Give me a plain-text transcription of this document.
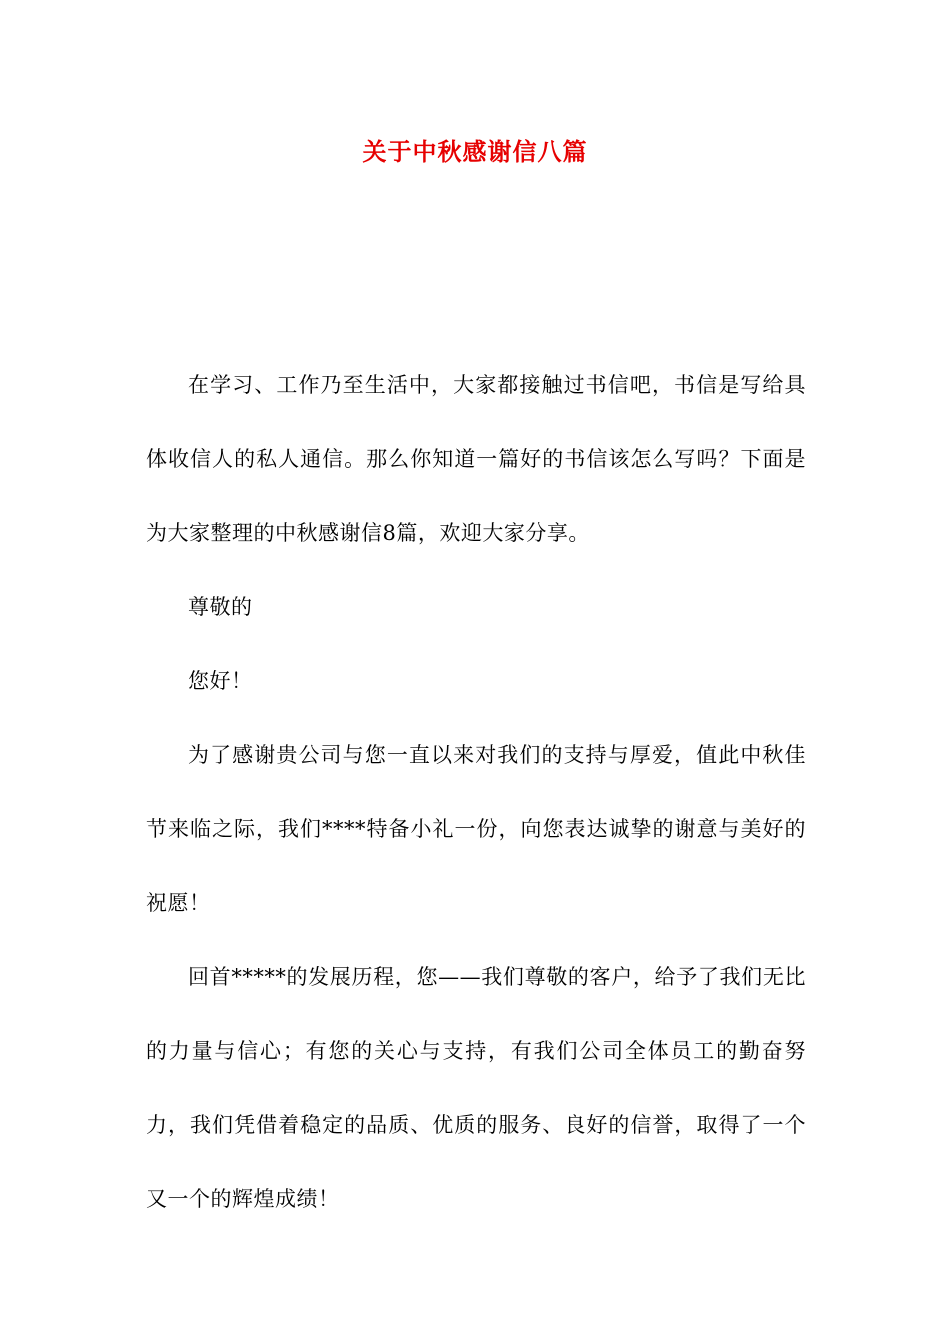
关于中秋感谢信八篇

在学习、工作乃至生活中，大家都接触过书信吧，书信是写给具体收信人的私人通信。那么你知道一篇好的书信该怎么写吗？下面是为大家整理的中秋感谢信8篇，欢迎大家分享。

尊敬的

您好！

为了感谢贵公司与您一直以来对我们的支持与厚爱，值此中秋佳节来临之际，我们****特备小礼一份，向您表达诚挚的谢意与美好的祝愿！

回首*****的发展历程，您——我们尊敬的客户，给予了我们无比的力量与信心；有您的关心与支持，有我们公司全体员工的勤奋努力，我们凭借着稳定的品质、优质的服务、良好的信誉，取得了一个又一个的辉煌成绩！
